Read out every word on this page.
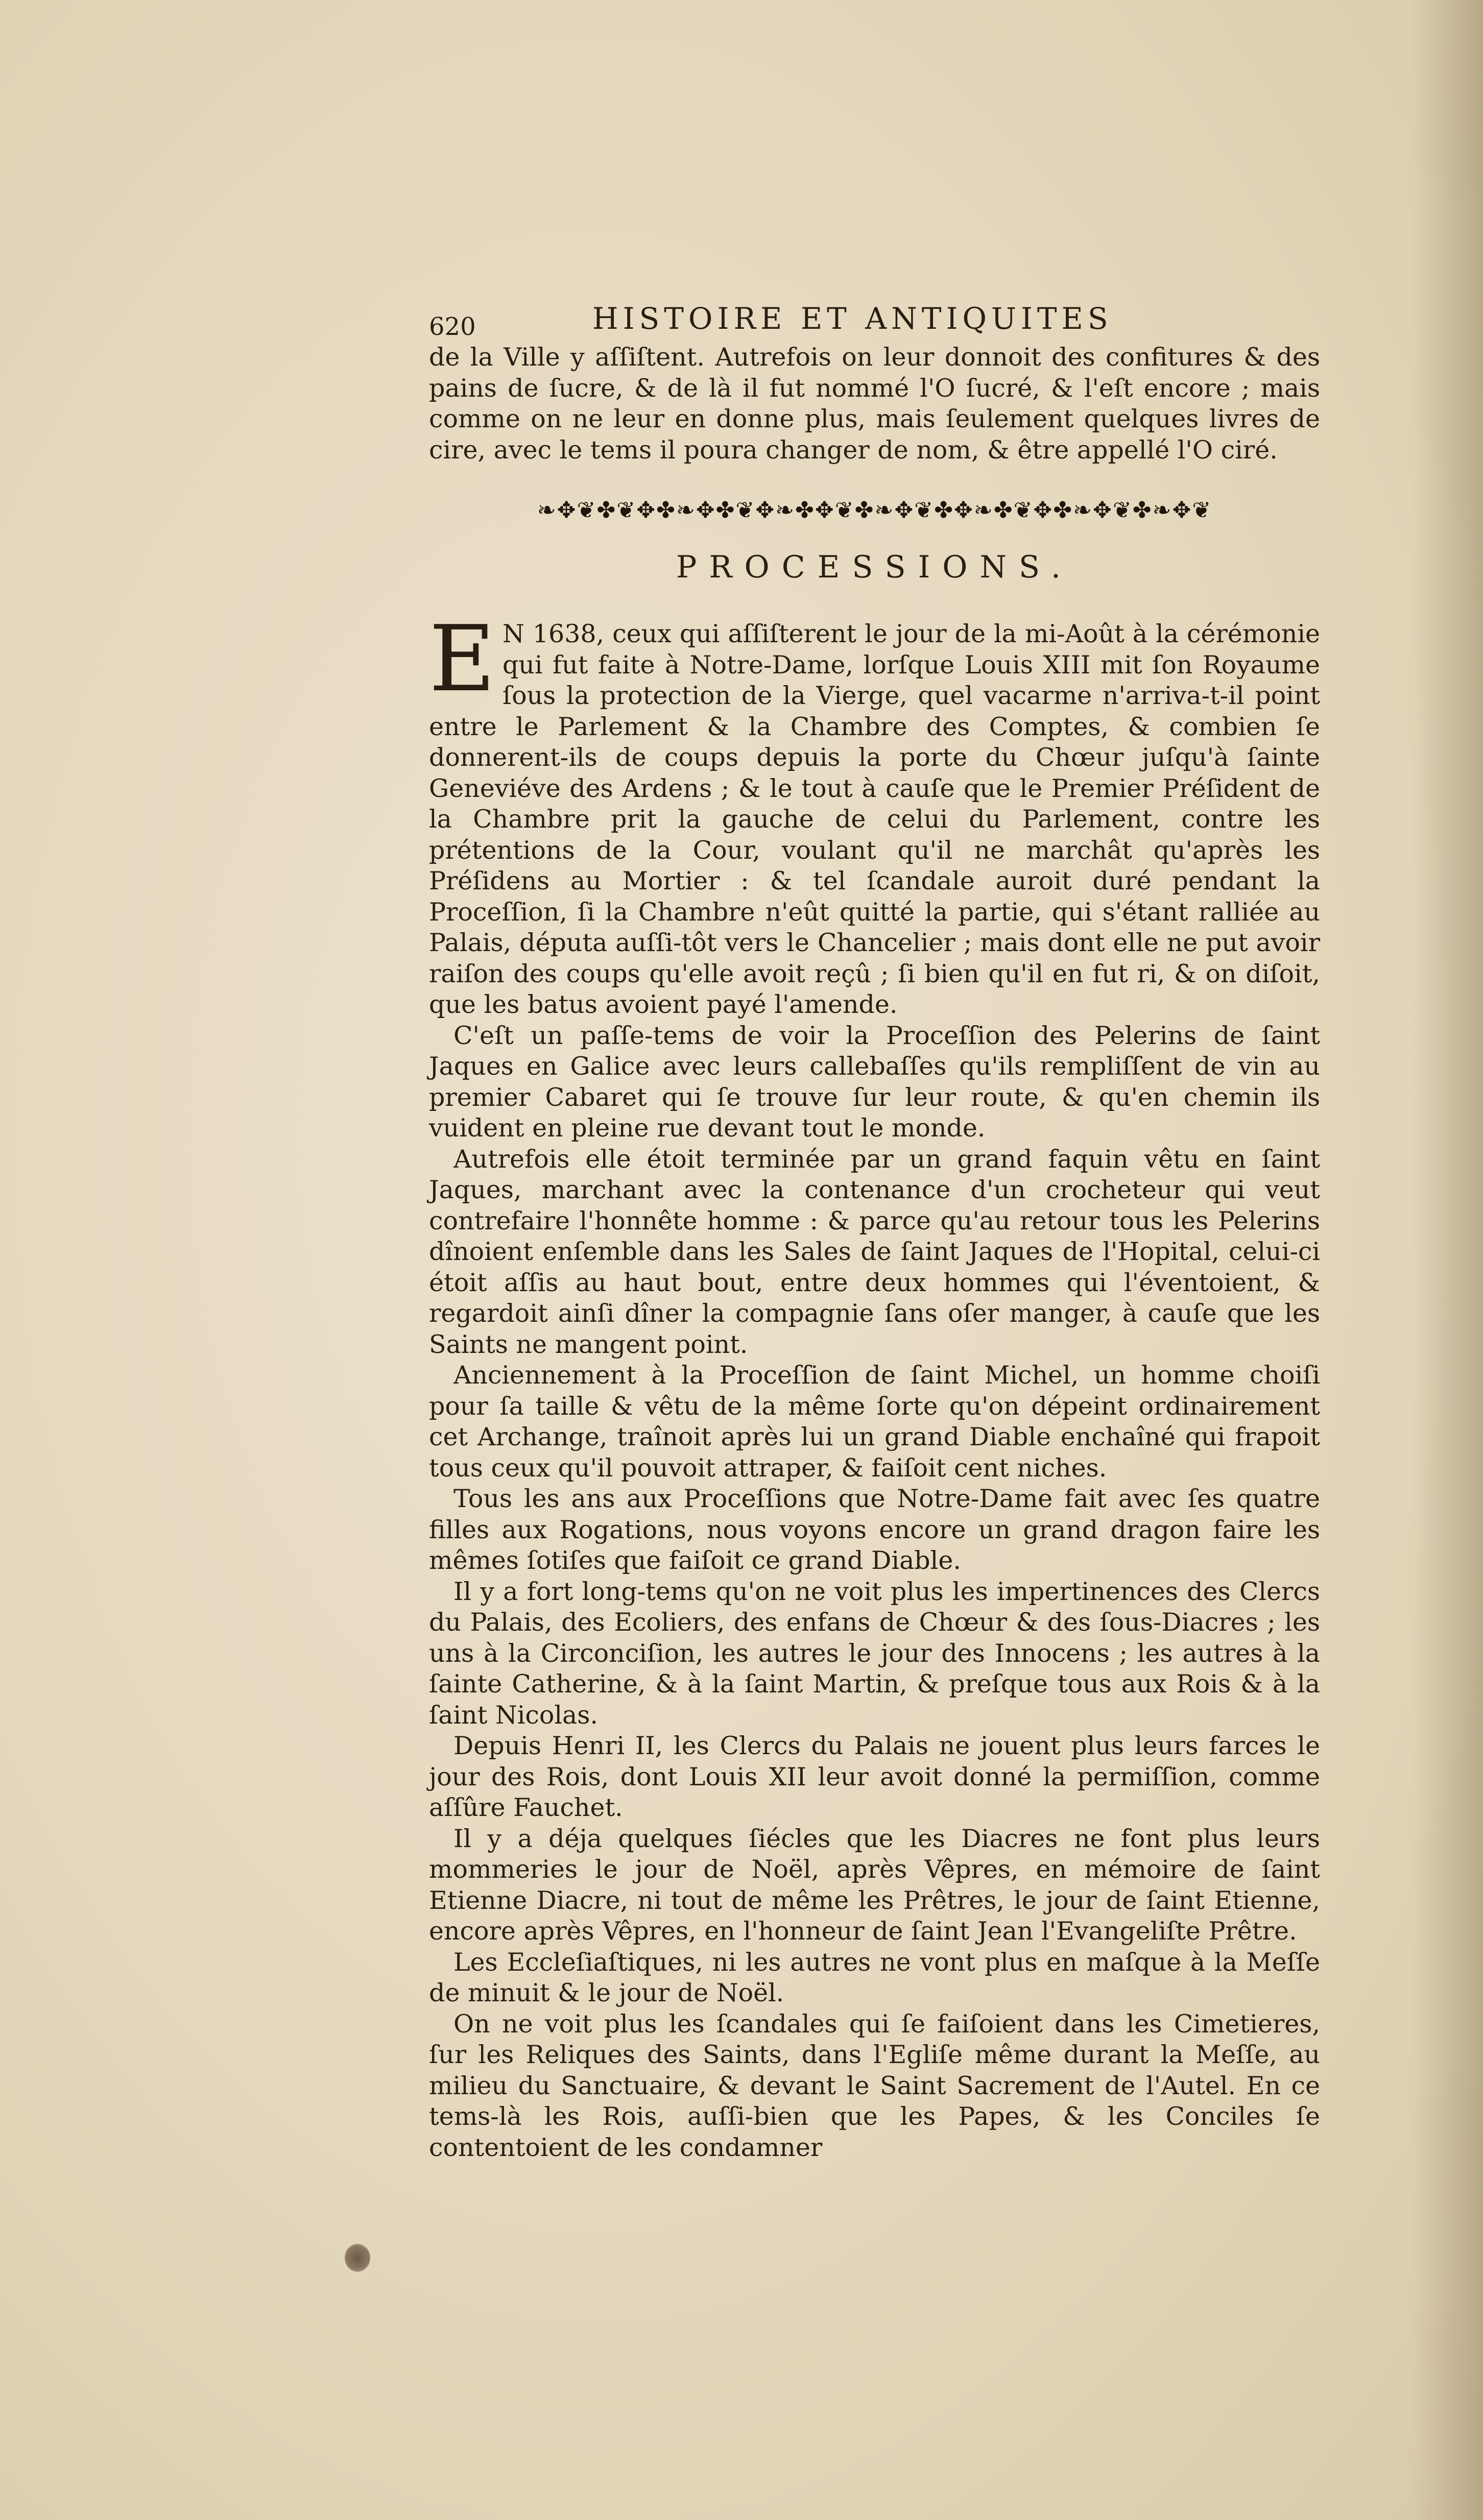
620	HISTOIRE ET ANTIQUITES

de la Ville y aſſiſtent. Autrefois on leur donnoit des confitures & des pains de ſucre, & de là il fut nommé l'O ſucré, & l'eſt encore ; mais comme on ne leur en donne plus, mais ſeulement quelques livres de cire, avec le tems il poura changer de nom, & être appellé l'O ciré.

❧✥❦✤❦✥✤❧✥✤❦✥❧✤✥❦✤❧✥❦✤✥❧✤❦✥✤❧✥❦✤❧✥❦
PROCESSIONS.
E N 1638, ceux qui aſſiſterent le jour de la mi-Août à la cérémonie qui fut faite à Notre-Dame, lorſque Louis XIII mit ſon Royaume ſous la protection de la Vierge, quel vacarme n'arriva-t-il point entre le Parlement & la Chambre des Comptes, & combien ſe donnerent-ils de coups depuis la porte du Chœur juſqu'à ſainte Geneviéve des Ardens ; & le tout à cauſe que le Premier Préſident de la Chambre prit la gauche de celui du Parlement, contre les prétentions de la Cour, voulant qu'il ne marchât qu'après les Préſidens au Mortier : & tel ſcandale auroit duré pendant la Proceſſion, ſi la Chambre n'eût quitté la partie, qui s'étant ralliée au Palais, députa auſſi-tôt vers le Chancelier ; mais dont elle ne put avoir raiſon des coups qu'elle avoit reçû ; ſi bien qu'il en fut ri, & on diſoit, que les batus avoient payé l'amende.

C'eſt un paſſe-tems de voir la Proceſſion des Pelerins de ſaint Jaques en Galice avec leurs callebaſſes qu'ils rempliſſent de vin au premier Cabaret qui ſe trouve ſur leur route, & qu'en chemin ils vuident en pleine rue devant tout le monde.

Autrefois elle étoit terminée par un grand faquin vêtu en ſaint Jaques, marchant avec la contenance d'un crocheteur qui veut contrefaire l'honnête homme : & parce qu'au retour tous les Pelerins dînoient enſemble dans les Sales de ſaint Jaques de l'Hopital, celui-ci étoit aſſis au haut bout, entre deux hommes qui l'éventoient, & regardoit ainſi dîner la compagnie ſans oſer manger, à cauſe que les Saints ne mangent point.

Anciennement à la Proceſſion de ſaint Michel, un homme choiſi pour ſa taille & vêtu de la même ſorte qu'on dépeint ordinairement cet Archange, traînoit après lui un grand Diable enchaîné qui frapoit tous ceux qu'il pouvoit attraper, & faiſoit cent niches.

Tous les ans aux Proceſſions que Notre-Dame fait avec ſes quatre filles aux Rogations, nous voyons encore un grand dragon faire les mêmes ſotiſes que faiſoit ce grand Diable.

Il y a fort long-tems qu'on ne voit plus les impertinences des Clercs du Palais, des Ecoliers, des enfans de Chœur & des ſous-Diacres ; les uns à la Circonciſion, les autres le jour des Innocens ; les autres à la ſainte Catherine, & à la ſaint Martin, & preſque tous aux Rois & à la ſaint Nicolas.

Depuis Henri II, les Clercs du Palais ne jouent plus leurs farces le jour des Rois, dont Louis XII leur avoit donné la permiſſion, comme aſſûre Fauchet.

Il y a déja quelques ſiécles que les Diacres ne font plus leurs mommeries le jour de Noël, après Vêpres, en mémoire de ſaint Etienne Diacre, ni tout de même les Prêtres, le jour de ſaint Etienne, encore après Vêpres, en l'honneur de ſaint Jean l'Evangeliſte Prêtre.

Les Eccleſiaſtiques, ni les autres ne vont plus en maſque à la Meſſe de minuit & le jour de Noël.

On ne voit plus les ſcandales qui ſe faiſoient dans les Cimetieres, ſur les Reliques des Saints, dans l'Egliſe même durant la Meſſe, au milieu du Sanctuaire, & devant le Saint Sacrement de l'Autel. En ce tems-là les Rois, auſſi-bien que les Papes, & les Conciles ſe contentoient de les condamner
